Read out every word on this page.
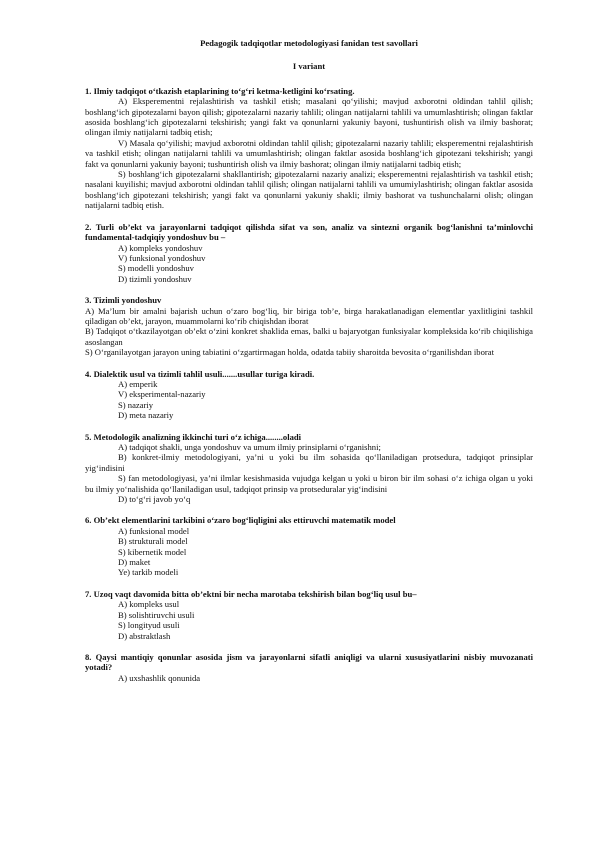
Pedagogik tadqiqotlar metodologiyasi fanidan test savollari

I variant

1. Ilmiy tadqiqot o‘tkazish etaplarining to‘g‘ri ketma-ketligini ko‘rsating.

A) Eksperementni rejalashtirish va tashkil etish; masalani qo‘yilishi; mavjud axborotni oldindan tahlil qilish; boshlang‘ich gipotezalarni bayon qilish; gipotezalarni nazariy tahlili; olingan natijalarni tahlili va umumlashtirish; olingan faktlar asosida boshlang‘ich gipotezalarni tekshirish; yangi fakt va qonunlarni yakuniy bayoni, tushuntirish olish va ilmiy bashorat; olingan ilmiy natijalarni tadbiq etish;

V) Masala qo‘yilishi; mavjud axborotni oldindan tahlil qilish; gipotezalarni nazariy tahlili; eksperementni rejalashtirish va tashkil etish; olingan natijalarni tahlili va umumlashtirish; olingan faktlar asosida boshlang‘ich gipotezani tekshirish; yangi fakt va qonunlarni yakuniy bayoni; tushuntirish olish va ilmiy bashorat; olingan ilmiy natijalarni tadbiq etish;

S) boshlang‘ich gipotezalarni shakllantirish; gipotezalarni nazariy analizi; eksperementni rejalashtirish va tashkil etish; nasalani kuyilishi; mavjud axborotni oldindan tahlil qilish; olingan natijalarni tahlili va umumiylashtirish; olingan faktlar asosida boshlang‘ich gipotezani tekshirish; yangi fakt va qonunlarni yakuniy shakli; ilmiy bashorat va tushunchalarni olish; olingan natijalarni tadbiq etish.

2. Turli ob’ekt va jarayonlarni tadqiqot qilishda sifat va son, analiz va sintezni organik bog‘lanishni ta’minlovchi fundamental-tadqiqiy yondoshuv bu –

A) kompleks yondoshuv

V) funksional yondoshuv

S) modelli yondoshuv

D) tizimli yondoshuv

3. Tizimli yondoshuv

A) Ma’lum bir amalni bajarish uchun o‘zaro bog‘liq, bir biriga tob’e, birga harakatlanadigan elementlar yaxlitligini tashkil qiladigan ob’ekt, jarayon, muammolarni ko‘rib chiqishdan iborat

B) Tadqiqot o‘tkazilayotgan ob’ekt o‘zini konkret shaklida emas, balki u bajaryotgan funksiyalar kompleksida ko‘rib chiqilishiga asoslangan

S) O‘rganilayotgan jarayon uning tabiatini o‘zgartirmagan holda, odatda tabiiy sharoitda bevosita o‘rganilishdan iborat

4. Dialektik usul va tizimli tahlil usuli.......usullar turiga kiradi.

A) emperik

V) eksperimental-nazariy

S) nazariy

D) meta nazariy

5. Metodologik analizning ikkinchi turi o‘z ichiga........oladi

A) tadqiqot shakli, unga yondoshuv va umum ilmiy prinsiplarni o‘rganishni;

B) konkret-ilmiy metodologiyani, ya’ni u yoki bu ilm sohasida qo‘llaniladigan protsedura, tadqiqot prinsiplar yig‘indisini

S) fan metodologiyasi, ya’ni ilmlar kesishmasida vujudga kelgan u yoki u biron bir ilm sohasi o‘z ichiga olgan u yoki bu ilmiy yo‘nalishida qo‘llaniladigan usul, tadqiqot prinsip va protseduralar yig‘indisini

D) to‘g‘ri javob yo‘q

6. Ob’ekt elementlarini tarkibini o‘zaro bog‘liqligini aks ettiruvchi matematik model

A) funksional model

B) strukturali model

S) kibernetik model

D) maket

Ye) tarkib modeli

7. Uzoq vaqt davomida bitta ob’ektni bir necha marotaba tekshirish bilan bog‘liq usul bu–

A) kompleks usul

B) solishtiruvchi usuli

S) longityud usuli

D) abstraktlash

8. Qaysi mantiqiy qonunlar asosida jism va jarayonlarni sifatli aniqligi va ularni xususiyatlarini nisbiy muvozanati yotadi?

A) uxshashlik qonunida
